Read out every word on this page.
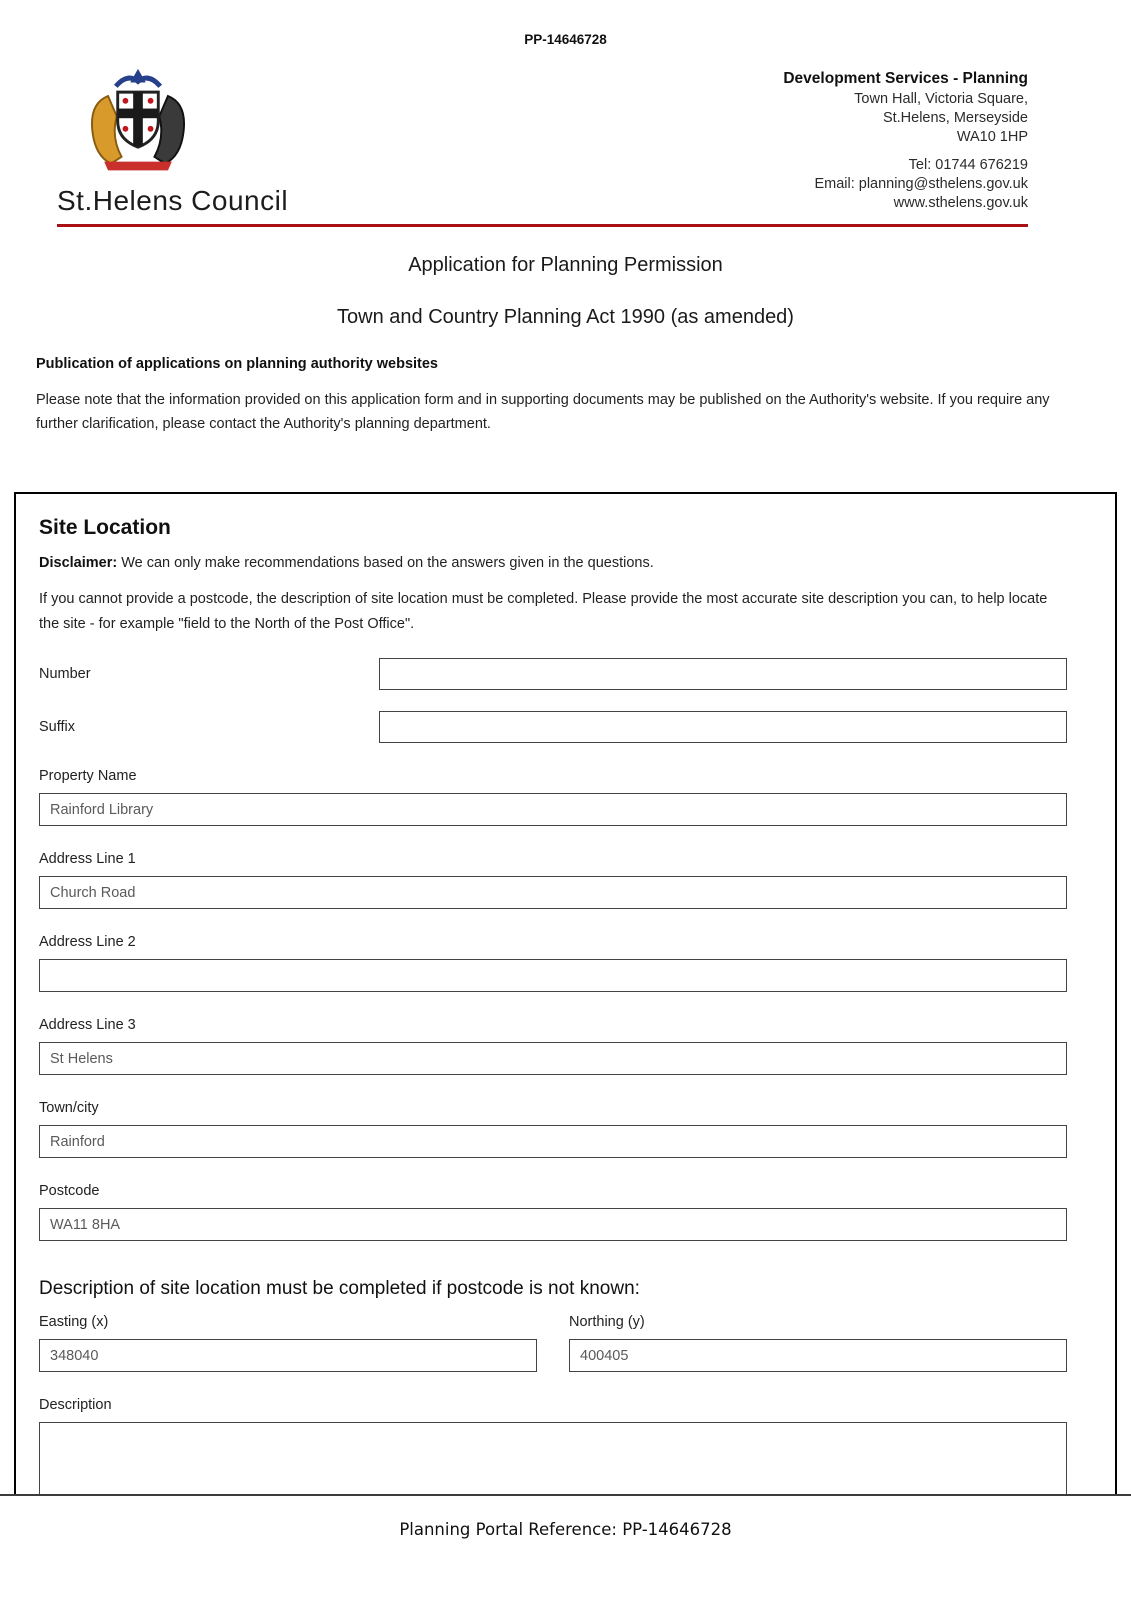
PP-14646728
St.Helens Council
Development Services - Planning
Town Hall, Victoria Square,
St.Helens, Merseyside
WA10 1HP
Tel: 01744 676219
Email: planning@sthelens.gov.uk
www.sthelens.gov.uk
Application for Planning Permission
Town and Country Planning Act 1990 (as amended)
Publication of applications on planning authority websites

Please note that the information provided on this application form and in supporting documents may be published on the Authority's website. If you require any further clarification, please contact the Authority's planning department.

Site Location

Disclaimer: We can only make recommendations based on the answers given in the questions.

If you cannot provide a postcode, the description of site location must be completed. Please provide the most accurate site description you can, to help locate the site - for example "field to the North of the Post Office".

Number
Suffix
Property Name
Rainford Library
Address Line 1
Church Road
Address Line 2
Address Line 3
St Helens
Town/city
Rainford
Postcode
WA11 8HA
Description of site location must be completed if postcode is not known:
Easting (x)
348040	Northing (y)
400405
Description
Planning Portal Reference: PP-14646728
